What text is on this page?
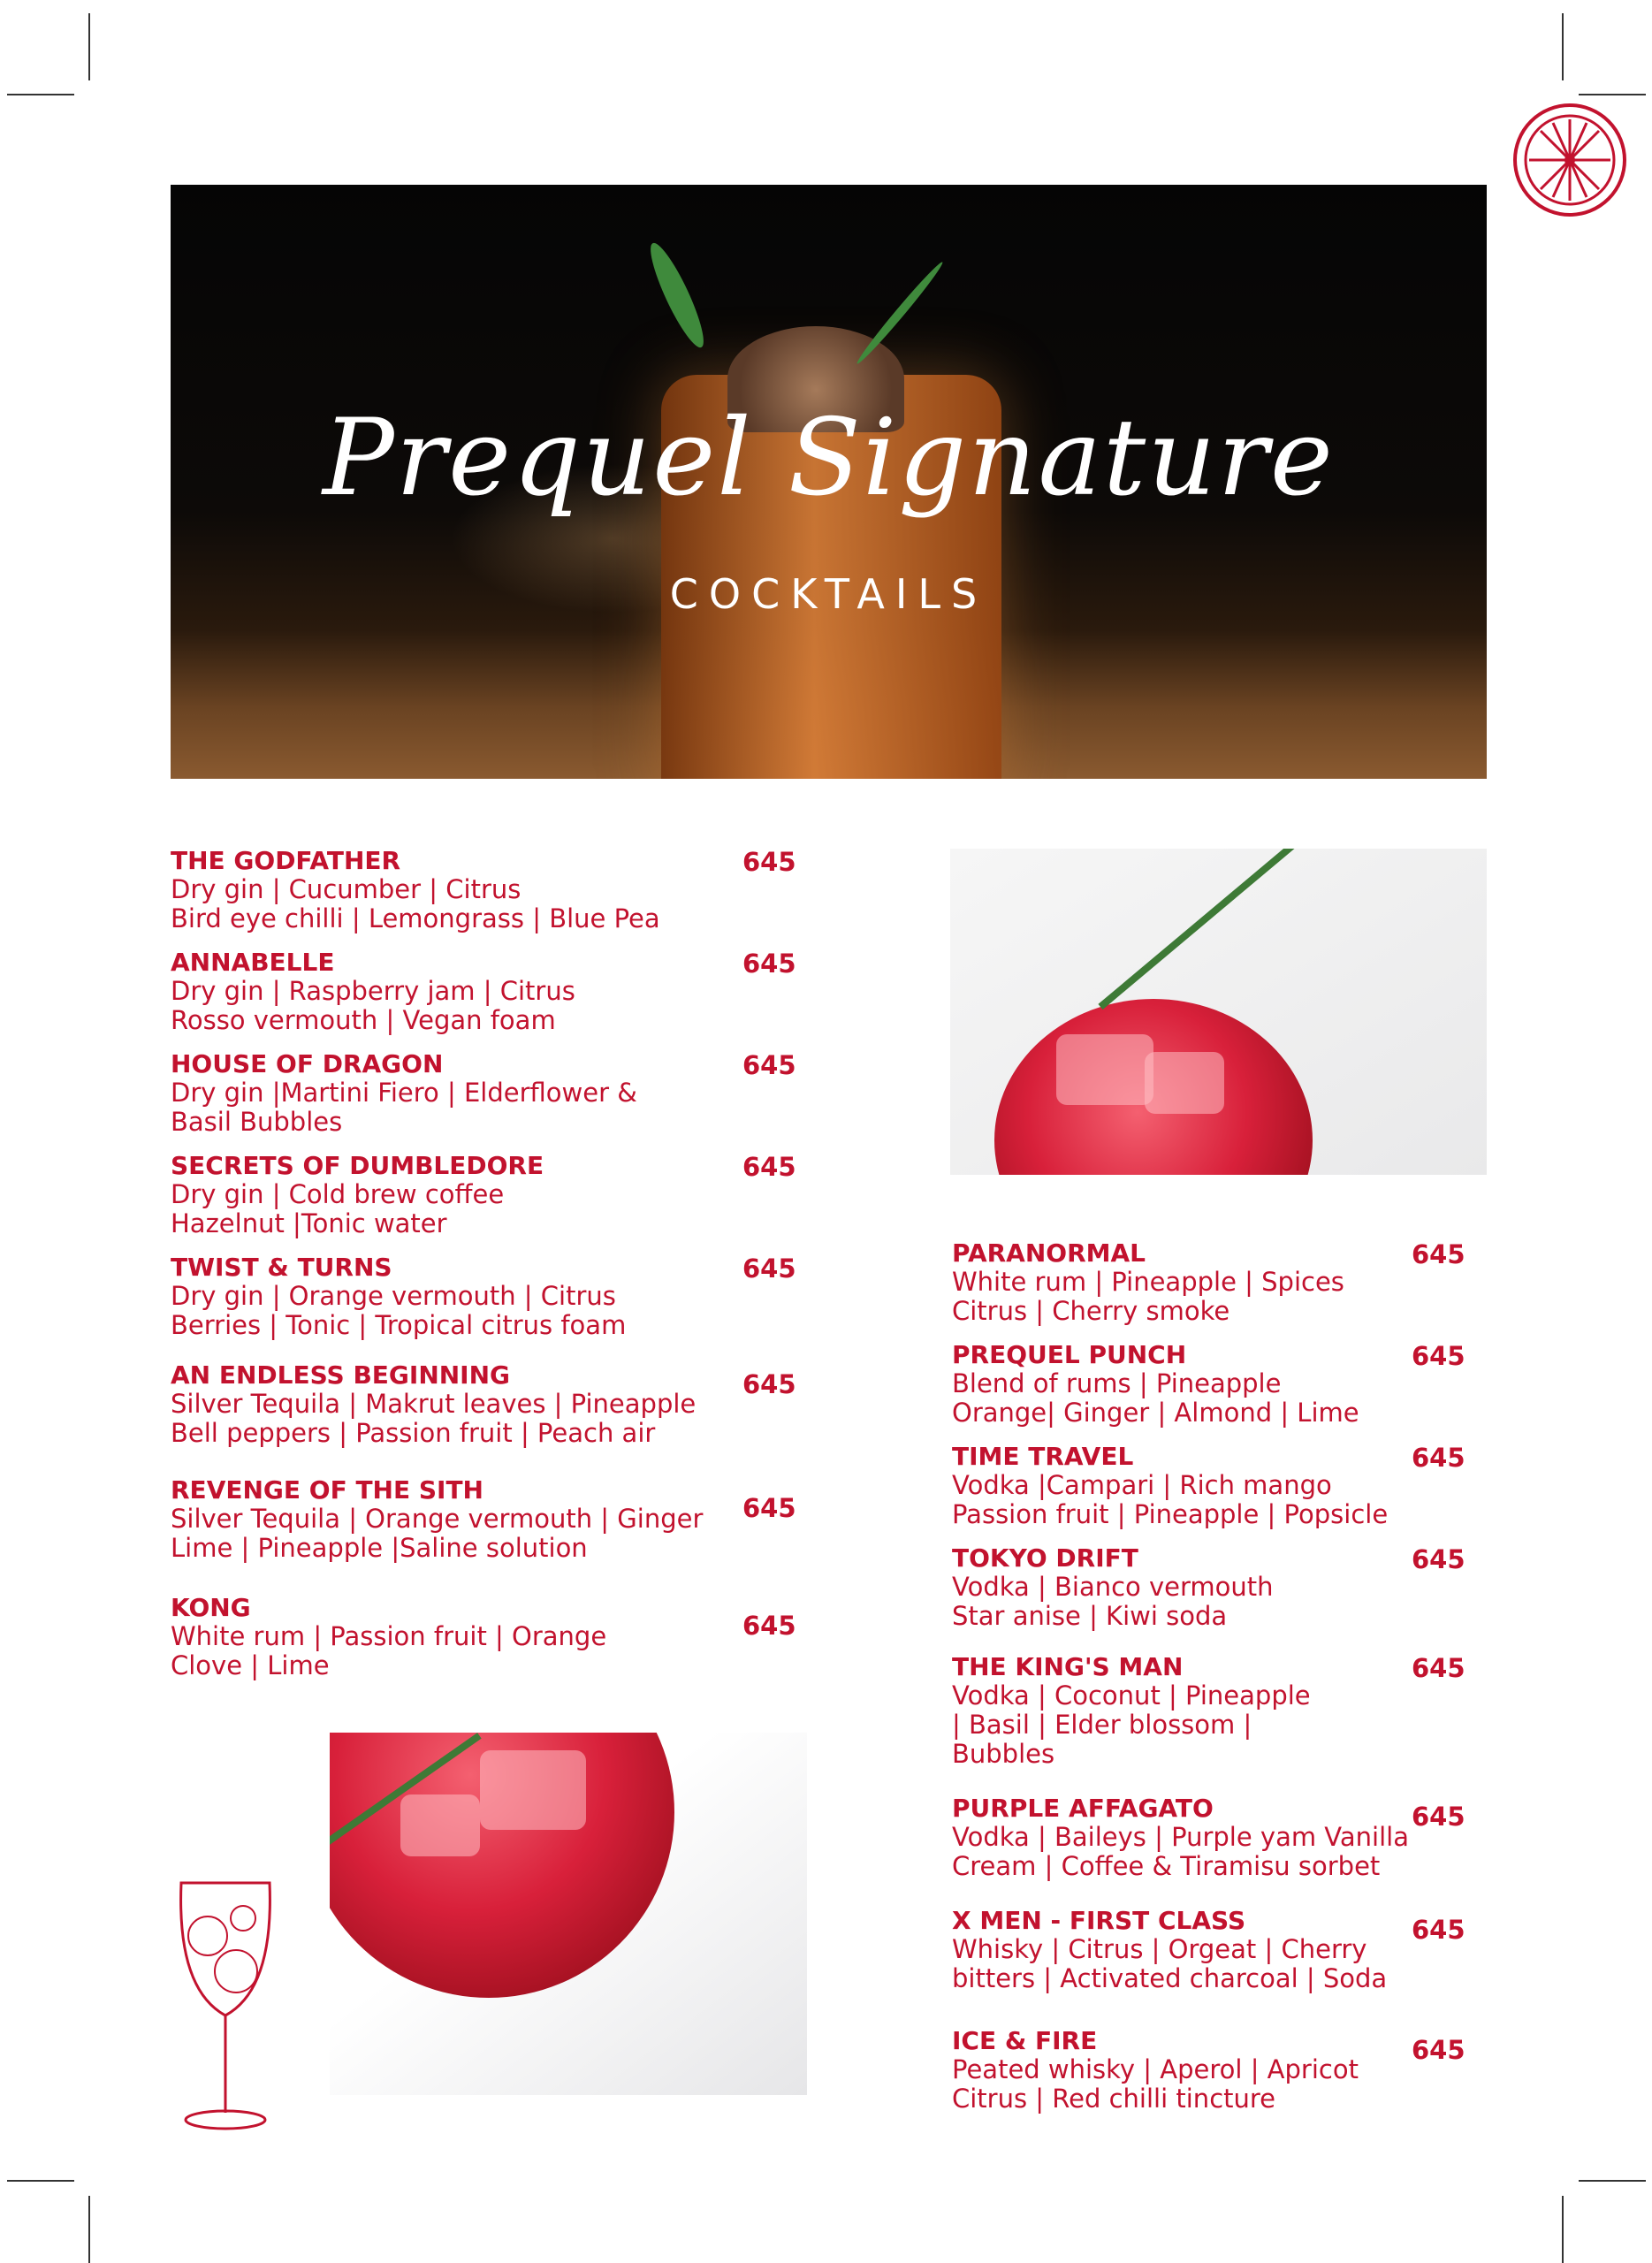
Prequel Signature
COCKTAILS

THE GODFATHER

Dry gin | Cucumber | Citrus

Bird eye chilli | Lemongrass | Blue Pea

645

ANNABELLE

Dry gin | Raspberry jam | Citrus

Rosso vermouth | Vegan foam

645

HOUSE OF DRAGON

Dry gin |Martini Fiero | Elderflower &

Basil Bubbles

645

SECRETS OF DUMBLEDORE

Dry gin | Cold brew coffee

Hazelnut |Tonic water

645

TWIST & TURNS

Dry gin | Orange vermouth | Citrus

Berries | Tonic | Tropical citrus foam

645

AN ENDLESS BEGINNING

Silver Tequila | Makrut leaves | Pineapple

Bell peppers | Passion fruit | Peach air

645

REVENGE OF THE SITH

Silver Tequila | Orange vermouth | Ginger

Lime | Pineapple |Saline solution

645

KONG

White rum | Passion fruit | Orange

Clove | Lime

645

PARANORMAL

White rum | Pineapple | Spices

Citrus | Cherry smoke

645

PREQUEL PUNCH

Blend of rums | Pineapple

Orange| Ginger | Almond | Lime

645

TIME TRAVEL

Vodka |Campari | Rich mango

Passion fruit | Pineapple | Popsicle

645

TOKYO DRIFT

Vodka | Bianco vermouth

Star anise | Kiwi soda

645

THE KING'S MAN

Vodka | Coconut | Pineapple

| Basil | Elder blossom |

Bubbles

645

PURPLE AFFAGATO

Vodka | Baileys | Purple yam Vanilla

Cream | Coffee & Tiramisu sorbet

645

X MEN - FIRST CLASS

Whisky | Citrus | Orgeat | Cherry

bitters | Activated charcoal | Soda

645

ICE & FIRE

Peated whisky | Aperol | Apricot

Citrus | Red chilli tincture

645
